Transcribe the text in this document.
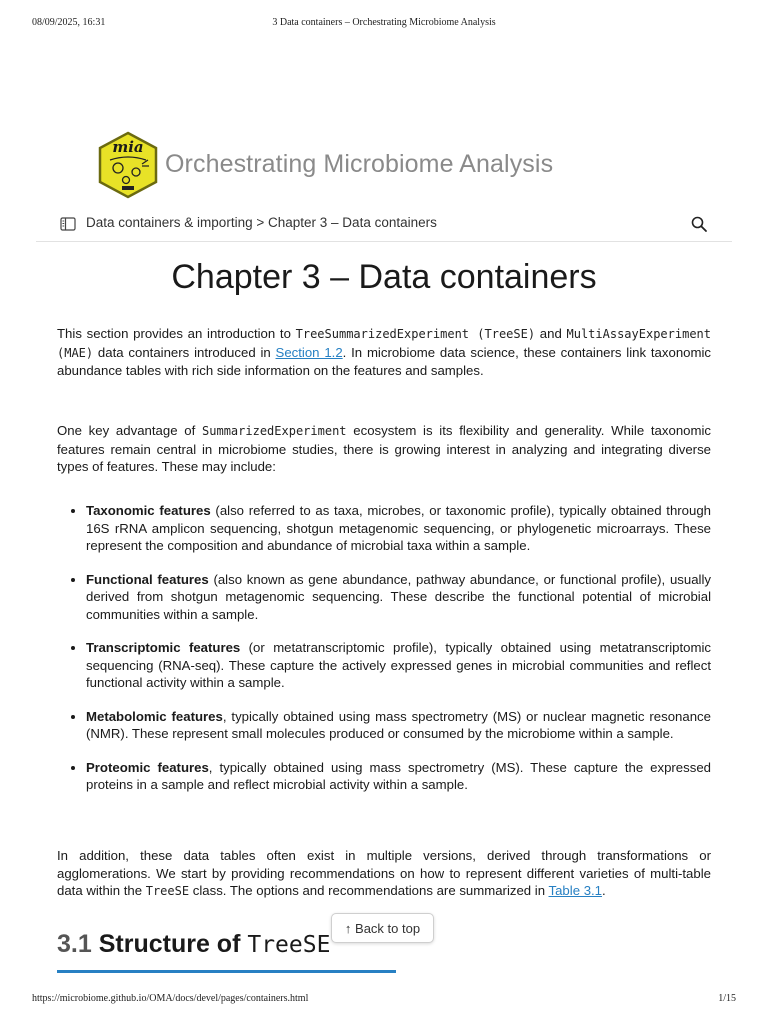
08/09/2025, 16:31	3 Data containers – Orchestrating Microbiome Analysis
mia
Orchestrating Microbiome Analysis
Data containers & importing > Chapter 3 – Data containers
Chapter 3 – Data containers

This section provides an introduction to TreeSummarizedExperiment (TreeSE) and MultiAssayExperiment (MAE) data containers introduced in Section 1.2. In microbiome data science, these containers link taxonomic abundance tables with rich side information on the features and samples.

One key advantage of SummarizedExperiment ecosystem is its flexibility and generality. While taxonomic features remain central in microbiome studies, there is growing interest in analyzing and integrating diverse types of features. These may include:

Taxonomic features (also referred to as taxa, microbes, or taxonomic profile), typically obtained through 16S rRNA amplicon sequencing, shotgun metagenomic sequencing, or phylogenetic microarrays. These represent the composition and abundance of microbial taxa within a sample.
Functional features (also known as gene abundance, pathway abundance, or functional profile), usually derived from shotgun metagenomic sequencing. These describe the functional potential of microbial communities within a sample.
Transcriptomic features (or metatranscriptomic profile), typically obtained using metatranscriptomic sequencing (RNA-seq). These capture the actively expressed genes in microbial communities and reflect functional activity within a sample.
Metabolomic features, typically obtained using mass spectrometry (MS) or nuclear magnetic resonance (NMR). These represent small molecules produced or consumed by the microbiome within a sample.
Proteomic features, typically obtained using mass spectrometry (MS). These capture the expressed proteins in a sample and reflect microbial activity within a sample.

In addition, these data tables often exist in multiple versions, derived through transformations or agglomerations. We start by providing recommendations on how to represent different varieties of multi-table data within the TreeSE class. The options and recommendations are summarized in Table 3.1.

3.1 Structure of TreeSE
↑ Back to top
https://microbiome.github.io/OMA/docs/devel/pages/containers.html	1/15
